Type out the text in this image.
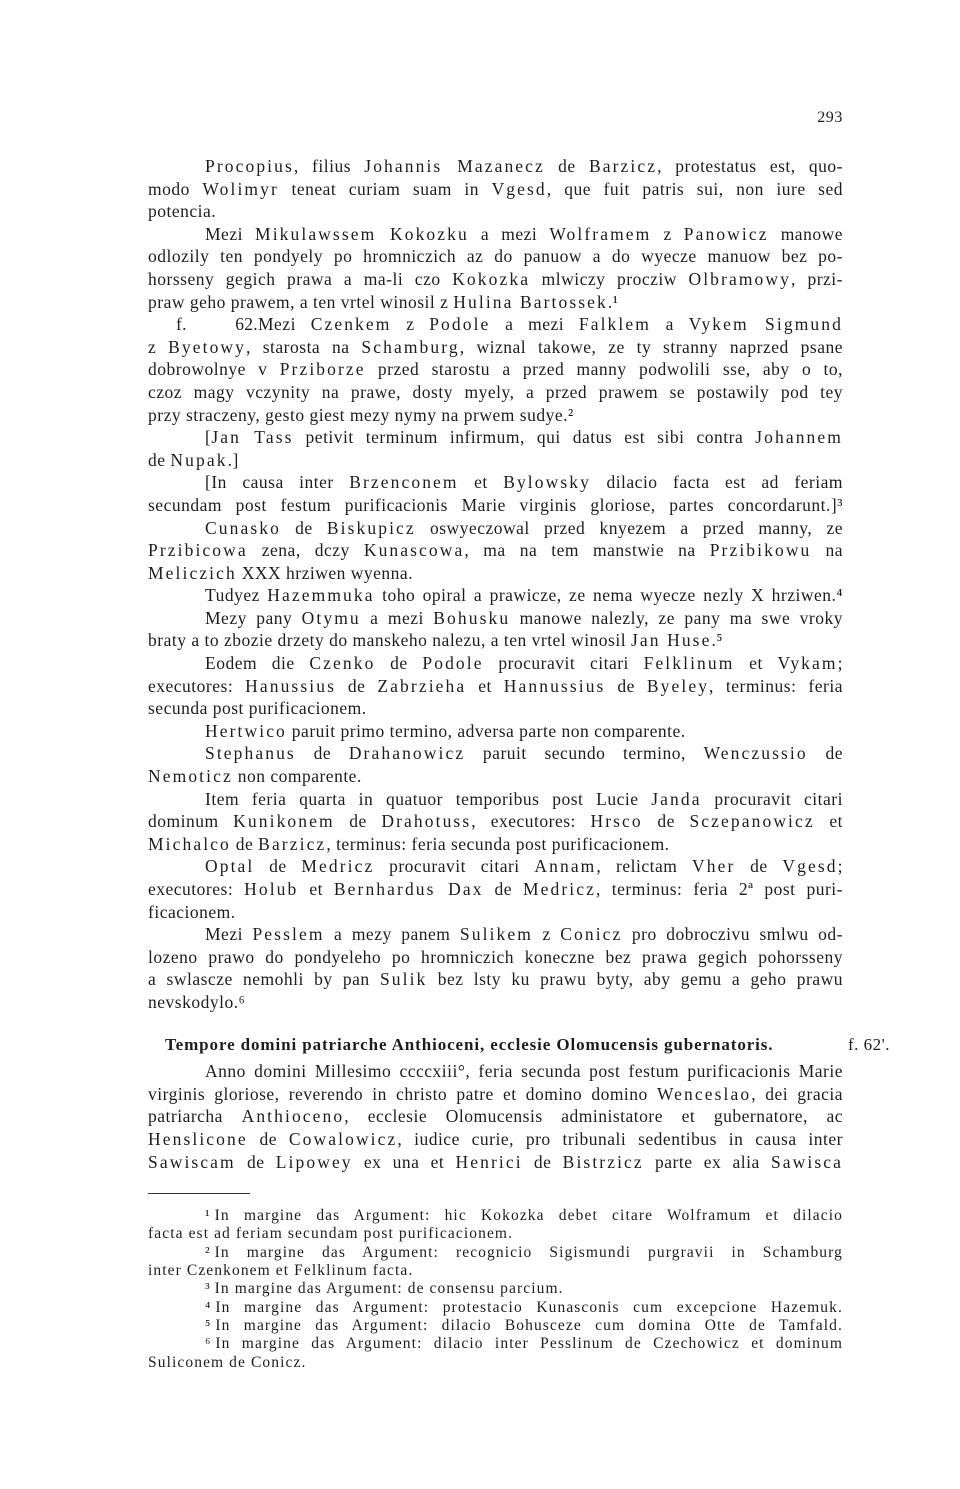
293
Procopius, filius Johannis Mazanecz de Barzicz, protestatus est, quo-
modo Wolimyr teneat curiam suam in Vgesd, que fuit patris sui, non iure sed
potencia.
Mezi Mikulawssem Kokozku a mezi Wolframem z Panowicz manowe
odlozily ten pondyely po hromniczich az do panuow a do wyecze manuow bez po-
horsseny gegich prawa a ma-li czo Kokozka mlwiczy procziw Olbramowy, przi-
praw geho prawem, a ten vrtel winosil z Hulina Bartossek.¹
f. 62.Mezi Czenkem z Podole a mezi Falklem a Vykem Sigmund
z Byetowy, starosta na Schamburg, wiznal takowe, ze ty stranny naprzed psane
dobrowolnye v Prziborze przed starostu a przed manny podwolili sse, aby o to,
czoz magy vczynity na prawe, dosty myely, a przed prawem se postawily pod tey
przy straczeny, gesto giest mezy nymy na prwem sudye.²
[Jan Tass petivit terminum infirmum, qui datus est sibi contra Johannem
de Nupak.]
[In causa inter Brzenconem et Bylowsky dilacio facta est ad feriam
secundam post festum purificacionis Marie virginis gloriose, partes concordarunt.]³
Cunasko de Biskupicz oswyeczowal przed knyezem a przed manny, ze
Przibicowa zena, dczy Kunascowa, ma na tem manstwie na Przibikowu na
Meliczich XXX hrziwen wyenna.
Tudyez Hazemmuka toho opiral a prawicze, ze nema wyecze nezly X hrziwen.⁴
Mezy pany Otymu a mezi Bohusku manowe nalezly, ze pany ma swe vroky
braty a to zbozie drzety do manskeho nalezu, a ten vrtel winosil Jan Huse.⁵
Eodem die Czenko de Podole procuravit citari Felklinum et Vykam;
executores: Hanussius de Zabrzieha et Hannussius de Byeley, terminus: feria
secunda post purificacionem.
Hertwico paruit primo termino, adversa parte non comparente.
Stephanus de Drahanowicz paruit secundo termino, Wenczussio de
Nemoticz non comparente.
Item feria quarta in quatuor temporibus post Lucie Janda procuravit citari
dominum Kunikonem de Drahotuss, executores: Hrsco de Sczepanowicz et
Michalco de Barzicz, terminus: feria secunda post purificacionem.
Optal de Medricz procuravit citari Annam, relictam Vher de Vgesd;
executores: Holub et Bernhardus Dax de Medricz, terminus: feria 2ª post puri-
ficacionem.
Mezi Pesslem a mezy panem Sulikem z Conicz pro dobroczivu smlwu od-
lozeno prawo do pondyeleho po hromniczich koneczne bez prawa gegich pohorsseny
a swlascze nemohli by pan Sulik bez lsty ku prawu byty, aby gemu a geho prawu
nevskodylo.⁶
Tempore domini patriarche Anthioceni, ecclesie Olomucensis gubernatoris.	f. 62'.
Anno domini Millesimo ccccxiii°, feria secunda post festum purificacionis Marie
virginis gloriose, reverendo in christo patre et domino domino Wenceslao, dei gracia
patriarcha Anthioceno, ecclesie Olomucensis administatore et gubernatore, ac
Henslicone de Cowalowicz, iudice curie, pro tribunali sedentibus in causa inter
Sawiscam de Lipowey ex una et Henrici de Bistrzicz parte ex alia Sawisca
¹ In margine das Argument: hic Kokozka debet citare Wolframum et dilacio
facta est ad feriam secundam post purificacionem.
² In margine das Argument: recognicio Sigismundi purgravii in Schamburg
inter Czenkonem et Felklinum facta.
³ In margine das Argument: de consensu parcium.
⁴ In margine das Argument: protestacio Kunasconis cum excepcione Hazemuk.
⁵ In margine das Argument: dilacio Bohusceze cum domina Otte de Tamfald.
⁶ In margine das Argument: dilacio inter Pesslinum de Czechowicz et dominum
Suliconem de Conicz.
